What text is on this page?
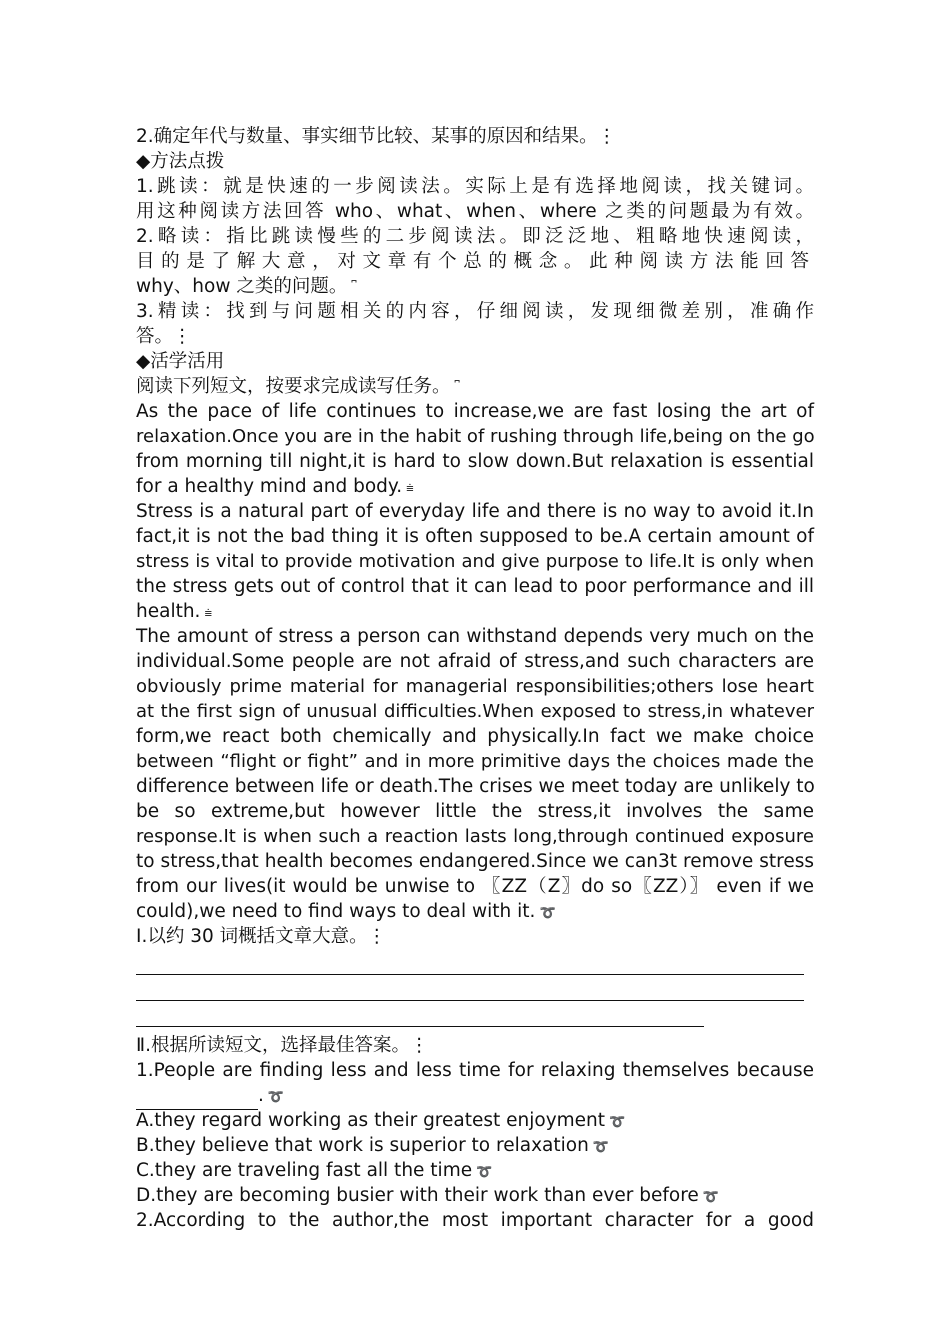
2.确定年代与数量、事实细节比较、某事的原因和结果。⋮
◆方法点拨
1.跳读：就是快速的一步阅读法。实际上是有选择地阅读，找关键词。
用这种阅读方法回答 who、what、when、where 之类的问题最为有效。
2.略读：指比跳读慢些的二步阅读法。即泛泛地、粗略地快速阅读，
目的是了解大意，对文章有个总的概念。此种阅读方法能回答
why、how 之类的问题。 ⎴
3.精读：找到与问题相关的内容，仔细阅读，发现细微差别，准确作
答。⋮
◆活学活用
阅读下列短文，按要求完成读写任务。 ⎴
As the pace of life continues to increase,we are fast losing the art of
relaxation.Once you are in the habit of rushing through life,being on the go
from morning till night,it is hard to slow down.But relaxation is essential
for a healthy mind and body. ⩧
Stress is a natural part of everyday life and there is no way to avoid it.In
fact,it is not the bad thing it is often supposed to be.A certain amount of
stress is vital to provide motivation and give purpose to life.It is only when
the stress gets out of control that it can lead to poor performance and ill
health. ⩧
The amount of stress a person can withstand depends very much on the
individual.Some people are not afraid of stress,and such characters are
obviously prime material for managerial responsibilities;others lose heart
at the first sign of unusual difficulties.When exposed to stress,in whatever
form,we react both chemically and physically.In fact we make choice
between “flight or fight” and in more primitive days the choices made the
difference between life or death.The crises we meet today are unlikely to
be so extreme,but however little the stress,it involves the same
response.It is when such a reaction lasts long,through continued exposure
to stress,that health becomes endangered.Since we can3t remove stress
from our lives(it would be unwise to 〖ZZ（Z〗do so〖ZZ）〗 even if we
could),we need to find ways to deal with it. ➰
Ⅰ.以约 30 词概括文章大意。⋮
Ⅱ.根据所读短文，选择最佳答案。⋮
1.People are finding less and less time for relaxing themselves because
. ➰
A.they regard working as their greatest enjoyment ➰
B.they believe that work is superior to relaxation ➰
C.they are traveling fast all the time ➰
D.they are becoming busier with their work than ever before ➰
2.According to the author,the most important character for a good
